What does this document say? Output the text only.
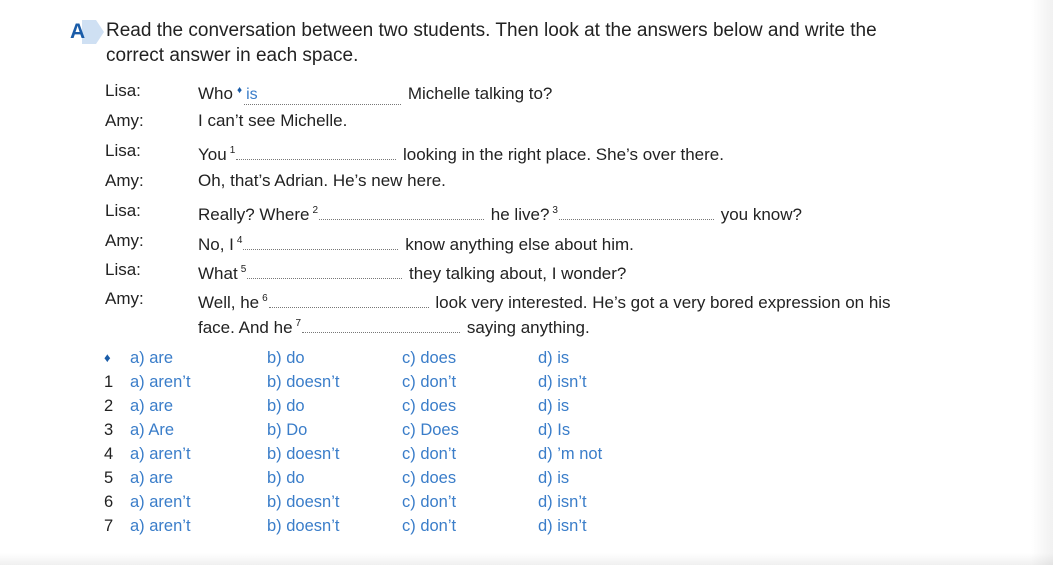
A Read the conversation between two students. Then look at the answers below and write the
correct answer in each space.
Lisa:	Who ♦ is	Michelle talking to?
Amy:	I can’t see Michelle.
Lisa:	You $^1$	looking in the right place. She’s over there.
Amy:	Oh, that’s Adrian. He’s new here.
Lisa:	Really? Where $^2$	he live? $^3$	you know?
Amy:	No, I $^4$	know anything else about him.
Lisa:	What $^5$	they talking about, I wonder?
Amy:	Well, he $^6$	look very interested. He’s got a very bored expression on his
face. And he $^7$	saying anything.
♦	a) are	b) do	c) does	d) is
1	a) aren’t	b) doesn’t	c) don’t	d) isn’t
2	a) are	b) do	c) does	d) is
3	a) Are	b) Do	c) Does	d) Is
4	a) aren’t	b) doesn’t	c) don’t	d) ’m not
5	a) are	b) do	c) does	d) is
6	a) aren’t	b) doesn’t	c) don’t	d) isn’t
7	a) aren’t	b) doesn’t	c) don’t	d) isn’t
